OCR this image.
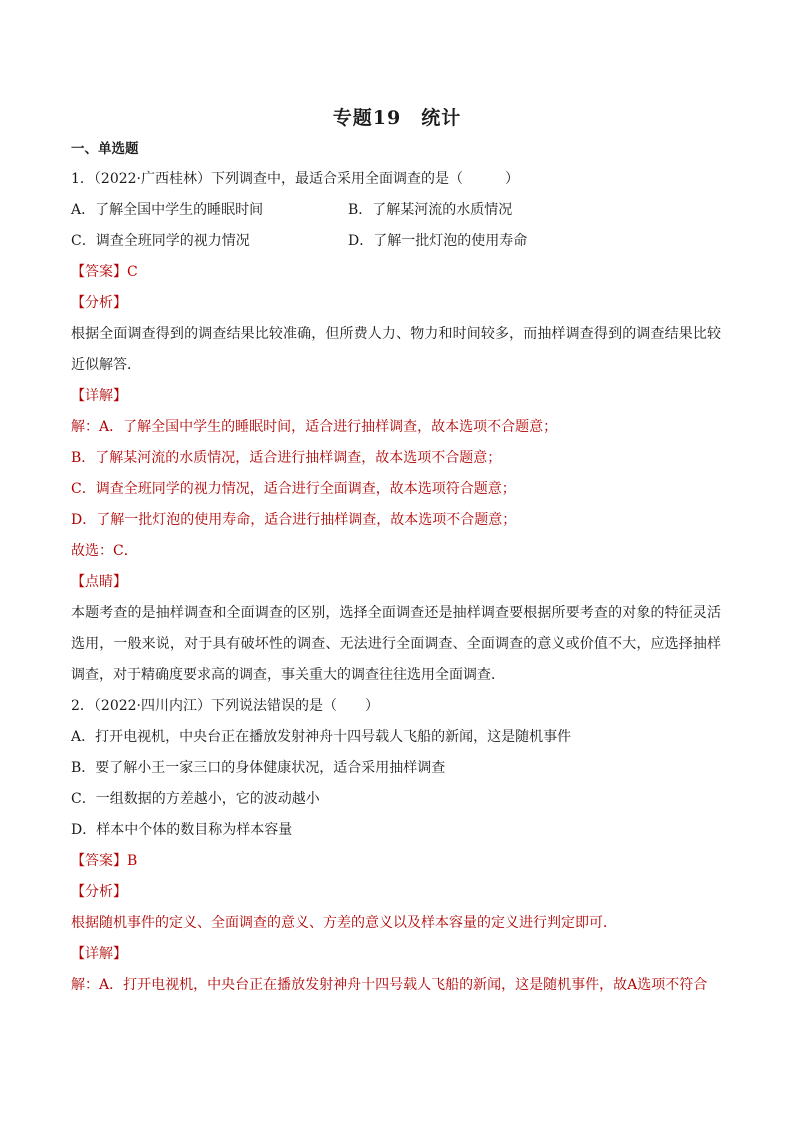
专题19　统计
一、单选题
1．（2022·广西桂林）下列调查中，最适合采用全面调查的是（　　　）
A．了解全国中学生的睡眠时间	B．了解某河流的水质情况
C．调查全班同学的视力情况	D．了解一批灯泡的使用寿命
【答案】C
【分析】
根据全面调查得到的调查结果比较准确，但所费人力、物力和时间较多，而抽样调查得到的调查结果比较近似解答．
【详解】
解：A．了解全国中学生的睡眠时间，适合进行抽样调查，故本选项不合题意；
B．了解某河流的水质情况，适合进行抽样调查，故本选项不合题意；
C．调查全班同学的视力情况，适合进行全面调查，故本选项符合题意；
D．了解一批灯泡的使用寿命，适合进行抽样调查，故本选项不合题意；
故选：C．
【点睛】
本题考查的是抽样调查和全面调查的区别，选择全面调查还是抽样调查要根据所要考查的对象的特征灵活选用，一般来说，对于具有破坏性的调查、无法进行全面调查、全面调查的意义或价值不大，应选择抽样调查，对于精确度要求高的调查，事关重大的调查往往选用全面调查．
2．（2022·四川内江）下列说法错误的是（　　）
A．打开电视机，中央台正在播放发射神舟十四号载人飞船的新闻，这是随机事件
B．要了解小王一家三口的身体健康状况，适合采用抽样调查
C．一组数据的方差越小，它的波动越小
D．样本中个体的数目称为样本容量
【答案】B
【分析】
根据随机事件的定义、全面调查的意义、方差的意义以及样本容量的定义进行判定即可．
【详解】
解：A．打开电视机，中央台正在播放发射神舟十四号载人飞船的新闻，这是随机事件，故A选项不符合
